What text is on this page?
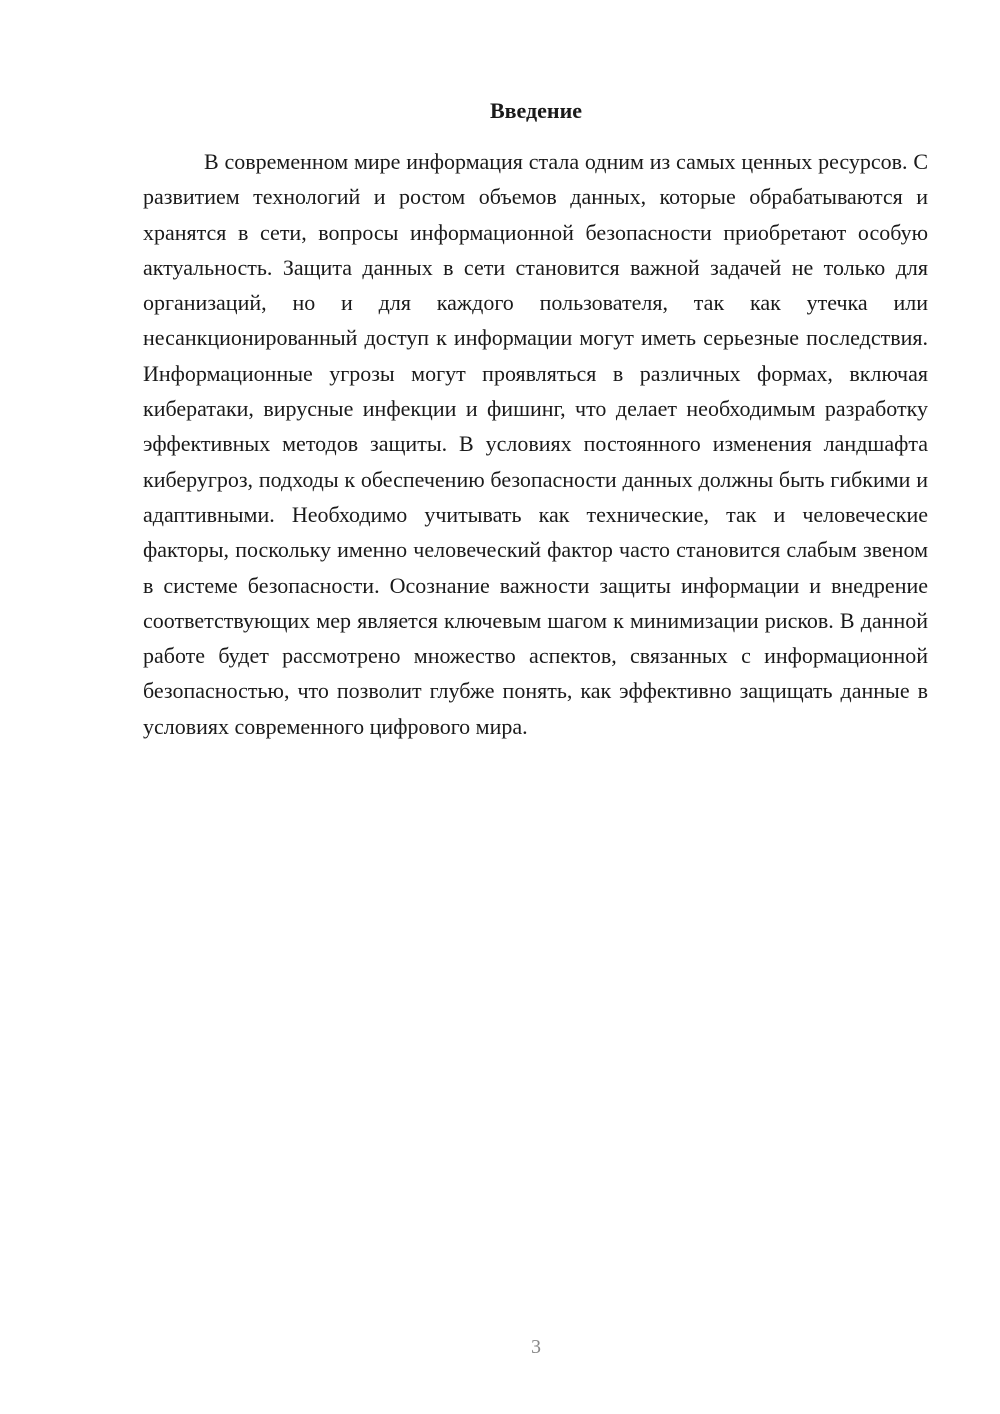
Введение

В современном мире информация стала одним из самых ценных ресурсов. С развитием технологий и ростом объемов данных, которые обрабатываются и хранятся в сети, вопросы информационной безопасности приобретают особую актуальность. Защита данных в сети становится важной задачей не только для организаций, но и для каждого пользователя, так как утечка или несанкционированный доступ к информации могут иметь серьезные последствия. Информационные угрозы могут проявляться в различных формах, включая кибератаки, вирусные инфекции и фишинг, что делает необходимым разработку эффективных методов защиты. В условиях постоянного изменения ландшафта киберугроз, подходы к обеспечению безопасности данных должны быть гибкими и адаптивными. Необходимо учитывать как технические, так и человеческие факторы, поскольку именно человеческий фактор часто становится слабым звеном в системе безопасности. Осознание важности защиты информации и внедрение соответствующих мер является ключевым шагом к минимизации рисков. В данной работе будет рассмотрено множество аспектов, связанных с информационной безопасностью, что позволит глубже понять, как эффективно защищать данные в условиях современного цифрового мира.

3
